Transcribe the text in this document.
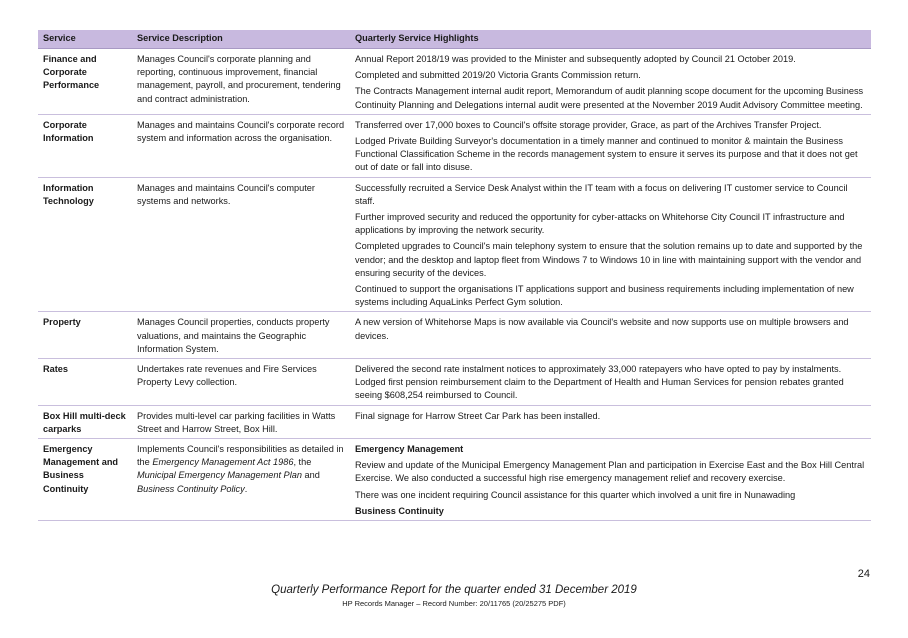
Service	Service Description	Quarterly Service Highlights
Finance and Corporate Performance	Manages Council's corporate planning and reporting, continuous improvement, financial management, payroll, and procurement, tendering and contract administration.	Annual Report 2018/19 was provided to the Minister and subsequently adopted by Council 21 October 2019.

Completed and submitted 2019/20 Victoria Grants Commission return.

The Contracts Management internal audit report, Memorandum of audit planning scope document for the upcoming Business Continuity Planning and Delegations internal audit were presented at the November 2019 Audit Advisory Committee meeting.

Corporate Information	Manages and maintains Council's corporate record system and information across the organisation.	Transferred over 17,000 boxes to Council's offsite storage provider, Grace, as part of the Archives Transfer Project.

Lodged Private Building Surveyor's documentation in a timely manner and continued to monitor & maintain the Business Functional Classification Scheme in the records management system to ensure it serves its purpose and that it does not get out of date or fall into disuse.

Information Technology	Manages and maintains Council's computer systems and networks.	Successfully recruited a Service Desk Analyst within the IT team with a focus on delivering IT customer service to Council staff.

Further improved security and reduced the opportunity for cyber-attacks on Whitehorse City Council IT infrastructure and applications by improving the network security.

Completed upgrades to Council's main telephony system to ensure that the solution remains up to date and supported by the vendor; and the desktop and laptop fleet from Windows 7 to Windows 10 in line with maintaining support with the vendor and ensuring security of the devices.

Continued to support the organisations IT applications support and business requirements including implementation of new systems including AquaLinks Perfect Gym solution.

Property	Manages Council properties, conducts property valuations, and maintains the Geographic Information System.	A new version of Whitehorse Maps is now available via Council's website and now supports use on multiple browsers and devices.

Rates	Undertakes rate revenues and Fire Services Property Levy collection.	Delivered the second rate instalment notices to approximately 33,000 ratepayers who have opted to pay by instalments. Lodged first pension reimbursement claim to the Department of Health and Human Services for pension rebates granted seeing $608,254 reimbursed to Council.

Box Hill multi-deck carparks	Provides multi-level car parking facilities in Watts Street and Harrow Street, Box Hill.	Final signage for Harrow Street Car Park has been installed.

Emergency Management and Business Continuity	Implements Council's responsibilities as detailed in the Emergency Management Act 1986, the Municipal Emergency Management Plan and Business Continuity Policy.	Emergency Management

Review and update of the Municipal Emergency Management Plan and participation in Exercise East and the Box Hill Central Exercise. We also conducted a successful high rise emergency management relief and recovery exercise.

There was one incident requiring Council assistance for this quarter which involved a unit fire in Nunawading

Business Continuity

24
Quarterly Performance Report for the quarter ended 31 December 2019
HP Records Manager – Record Number: 20/11765 (20/25275 PDF)
